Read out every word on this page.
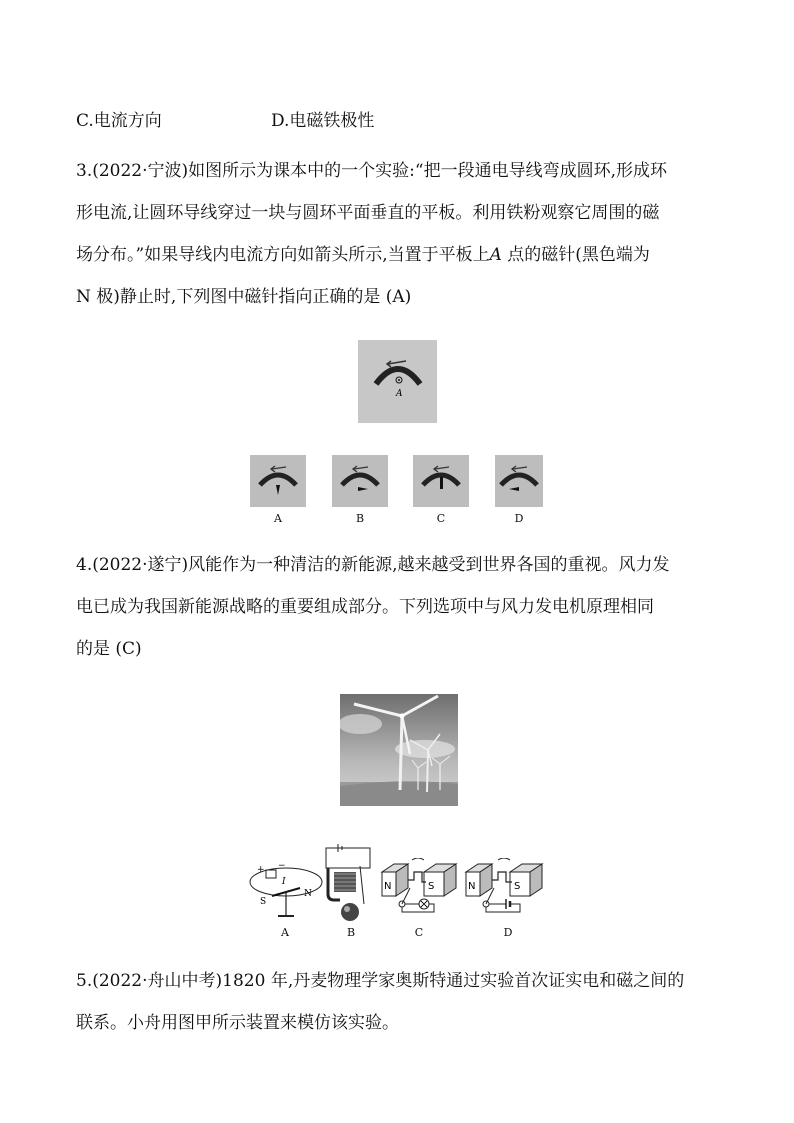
C.电流方向	D.电磁铁极性
3.(2022·宁波)如图所示为课本中的一个实验:“把一段通电导线弯成圆环,形成环
形电流,让圆环导线穿过一块与圆环平面垂直的平板。利用铁粉观察它周围的磁
场分布。”如果导线内电流方向如箭头所示,当置于平板上A 点的磁针(黑色端为
N 极)静止时,下列图中磁针指向正确的是 (A)
A
A	B	C	D
4.(2022·遂宁)风能作为一种清洁的新能源,越来越受到世界各国的重视。风力发
电已成为我国新能源战略的重要组成部分。下列选项中与风力发电机原理相同
的是 (C)
+ −
I
S
N
N	S	N	S
A	B	C	D
5.(2022·舟山中考)1820 年,丹麦物理学家奥斯特通过实验首次证实电和磁之间的
联系。小舟用图甲所示装置来模仿该实验。
